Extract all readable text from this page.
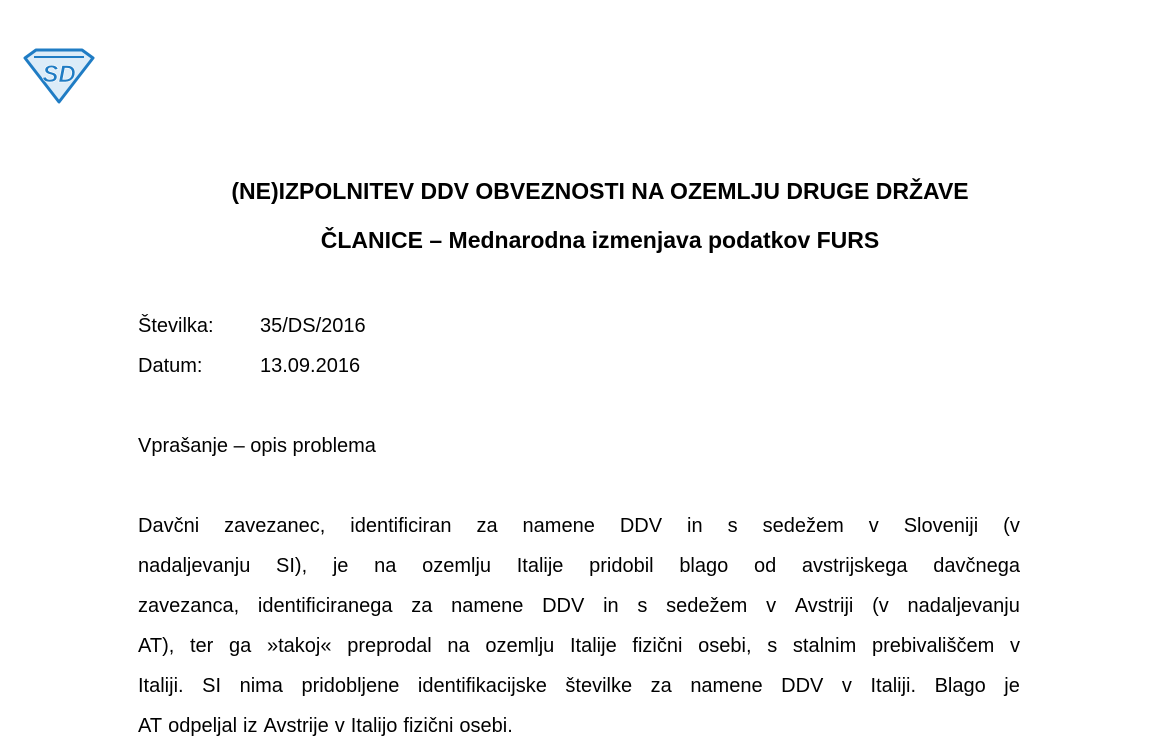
SD
(NE)IZPOLNITEV DDV OBVEZNOSTI NA OZEMLJU DRUGE DRŽAVE
ČLANICE – Mednarodna izmenjava podatkov FURS
Številka: 35/DS/2016
Datum:	13.09.2016
Vprašanje – opis problema
Davčni zavezanec, identificiran za namene DDV in s sedežem v Sloveniji (v
nadaljevanju SI), je na ozemlju Italije pridobil blago od avstrijskega davčnega
zavezanca, identificiranega za namene DDV in s sedežem v Avstriji (v nadaljevanju
AT), ter ga »takoj« preprodal na ozemlju Italije fizični osebi, s stalnim prebivališčem v
Italiji. SI nima pridobljene identifikacijske številke za namene DDV v Italiji. Blago je
AT odpeljal iz Avstrije v Italijo fizični osebi.
